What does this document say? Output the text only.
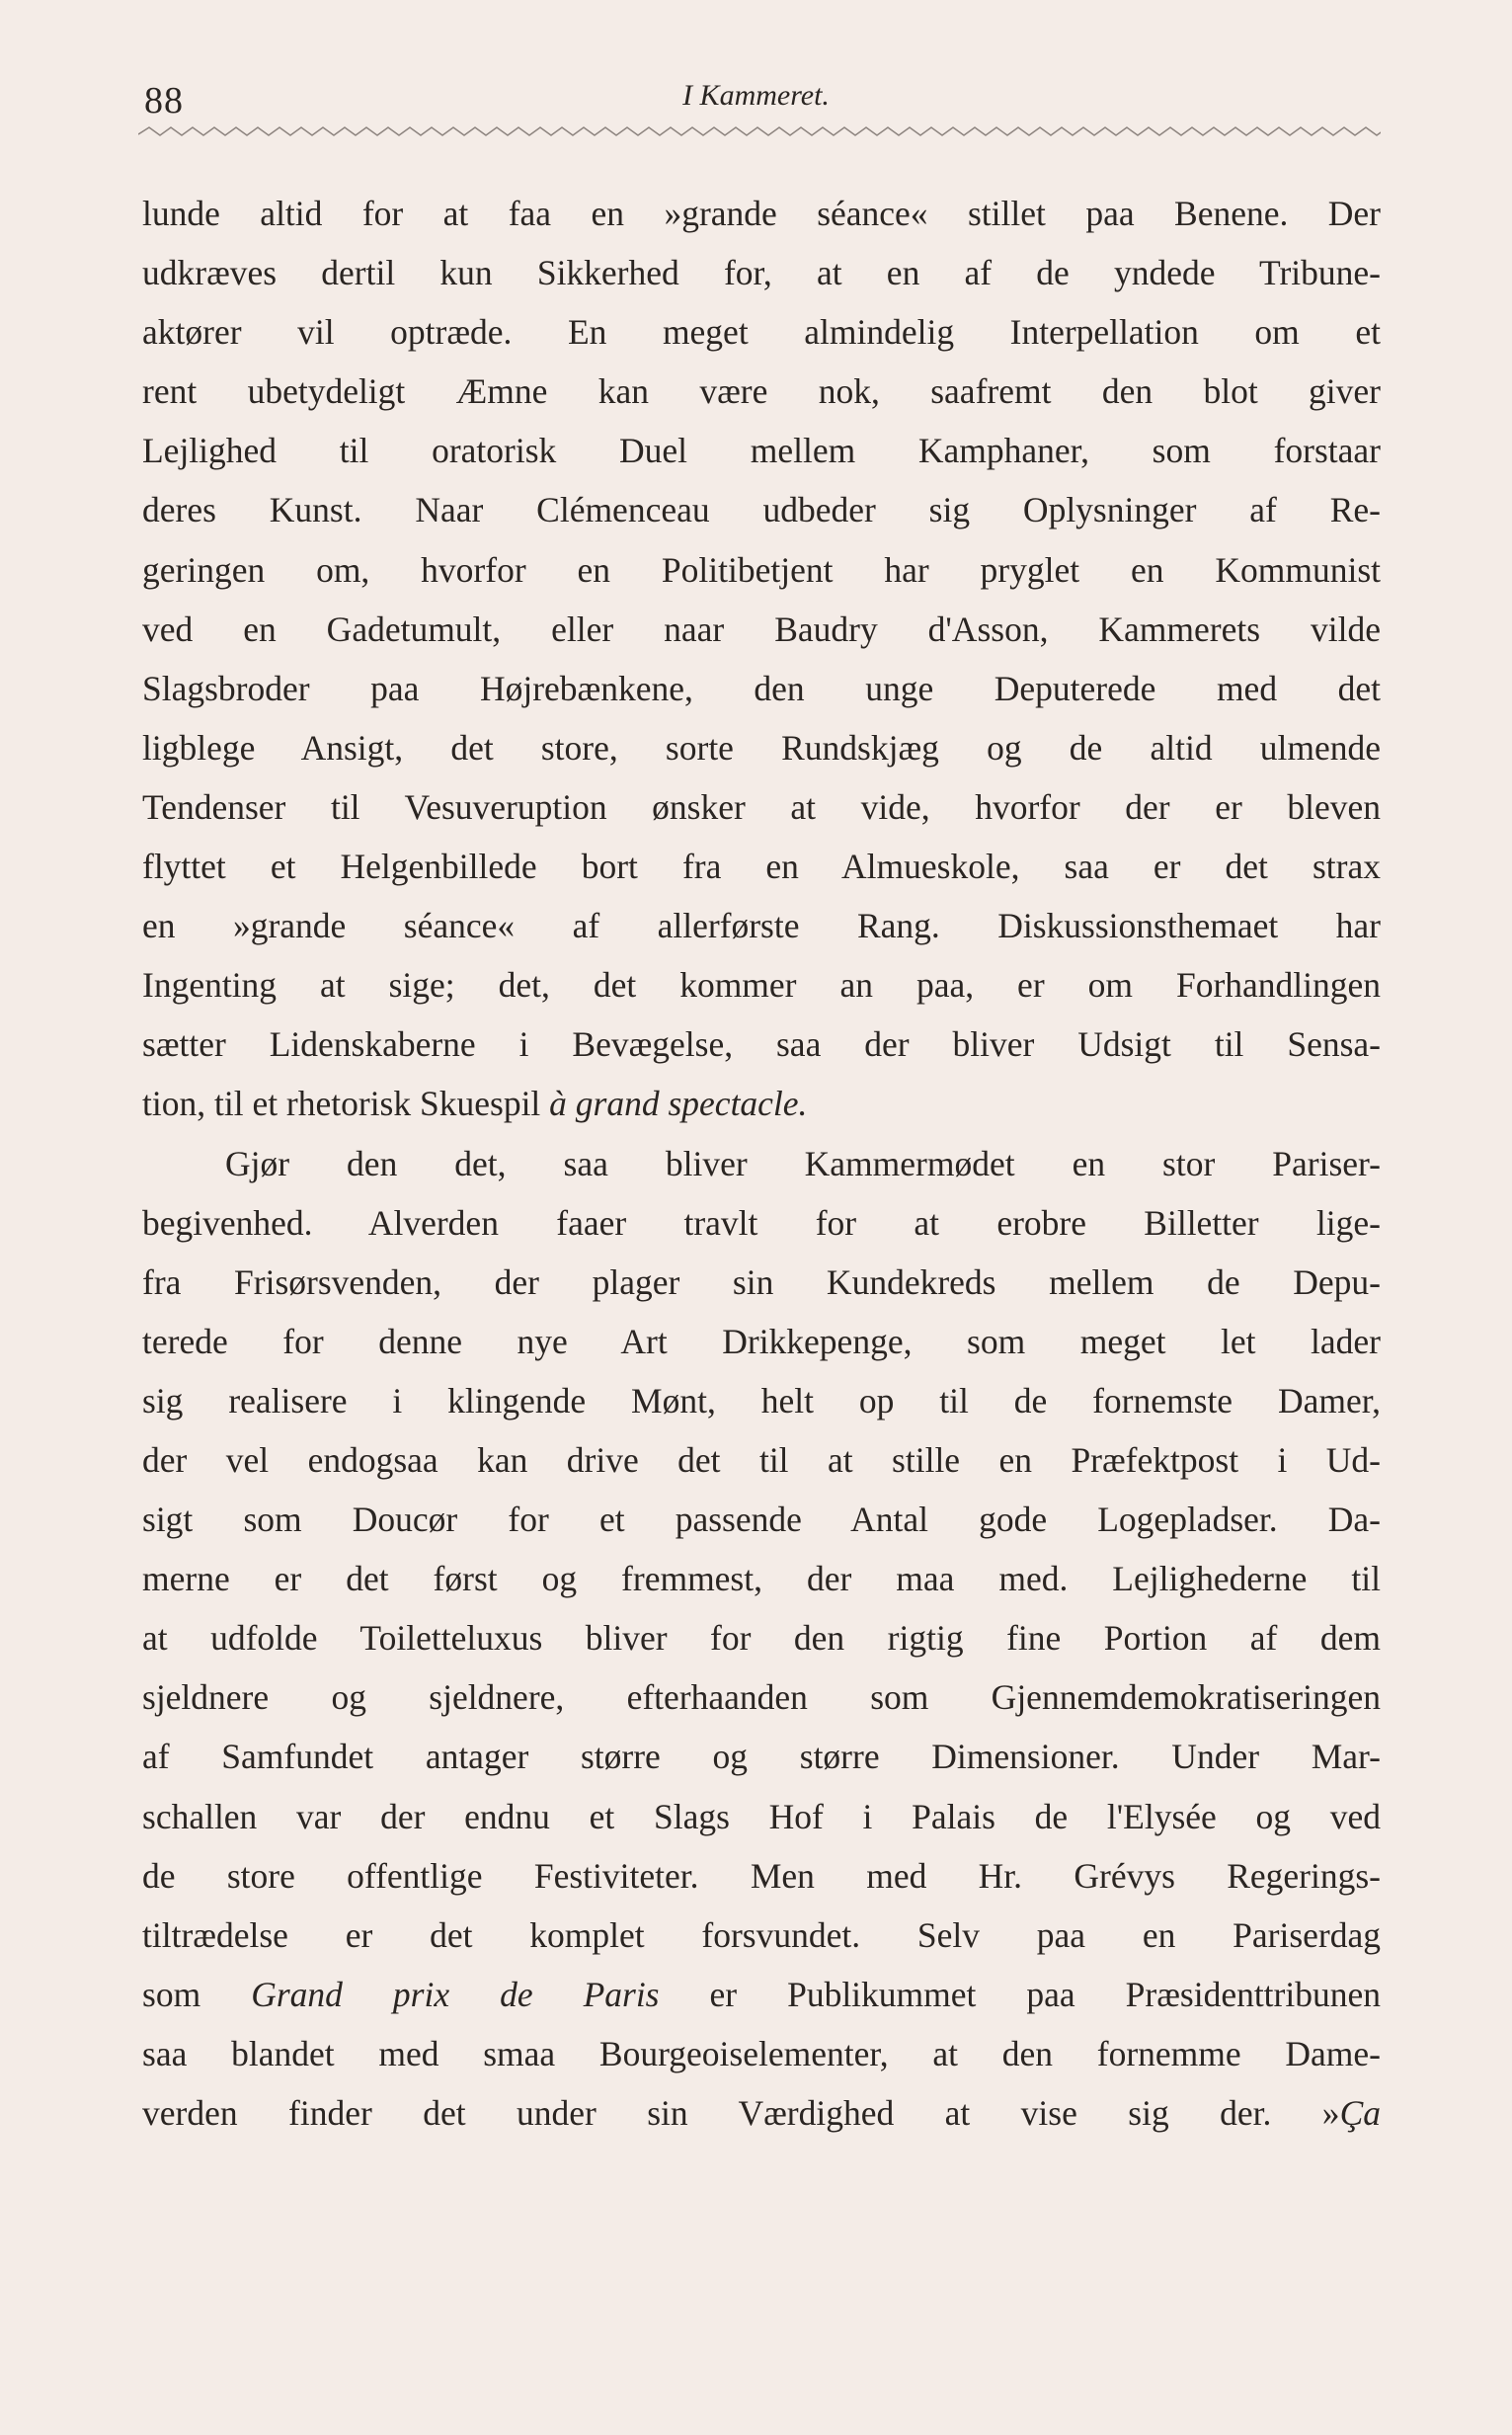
88	I Kammeret.
lunde altid for at faa en »grande séance« stillet paa Benene. Der
udkræves dertil kun Sikkerhed for, at en af de yndede Tribune-
aktører vil optræde. En meget almindelig Interpellation om et
rent ubetydeligt Æmne kan være nok, saafremt den blot giver
Lejlighed til oratorisk Duel mellem Kamphaner, som forstaar
deres Kunst. Naar Clémenceau udbeder sig Oplysninger af Re-
geringen om, hvorfor en Politibetjent har pryglet en Kommunist
ved en Gadetumult, eller naar Baudry d'Asson, Kammerets vilde
Slagsbroder paa Højrebænkene, den unge Deputerede med det
ligblege Ansigt, det store, sorte Rundskjæg og de altid ulmende
Tendenser til Vesuveruption ønsker at vide, hvorfor der er bleven
flyttet et Helgenbillede bort fra en Almueskole, saa er det strax
en »grande séance« af allerførste Rang. Diskussionsthemaet har
Ingenting at sige; det, det kommer an paa, er om Forhandlingen
sætter Lidenskaberne i Bevægelse, saa der bliver Udsigt til Sensa-
tion, til et rhetorisk Skuespil à grand spectacle.
Gjør den det, saa bliver Kammermødet en stor Pariser-
begivenhed. Alverden faaer travlt for at erobre Billetter lige-
fra Frisørsvenden, der plager sin Kundekreds mellem de Depu-
terede for denne nye Art Drikkepenge, som meget let lader
sig realisere i klingende Mønt, helt op til de fornemste Damer,
der vel endogsaa kan drive det til at stille en Præfektpost i Ud-
sigt som Doucør for et passende Antal gode Logepladser. Da-
merne er det først og fremmest, der maa med. Lejlighederne til
at udfolde Toiletteluxus bliver for den rigtig fine Portion af dem
sjeldnere og sjeldnere, efterhaanden som Gjennemdemokratiseringen
af Samfundet antager større og større Dimensioner. Under Mar-
schallen var der endnu et Slags Hof i Palais de l'Elysée og ved
de store offentlige Festiviteter. Men med Hr. Grévys Regerings-
tiltrædelse er det komplet forsvundet. Selv paa en Pariserdag
som Grand prix de Paris er Publikummet paa Præsidenttribunen
saa blandet med smaa Bourgeoiselementer, at den fornemme Dame-
verden finder det under sin Værdighed at vise sig der. »Ça
